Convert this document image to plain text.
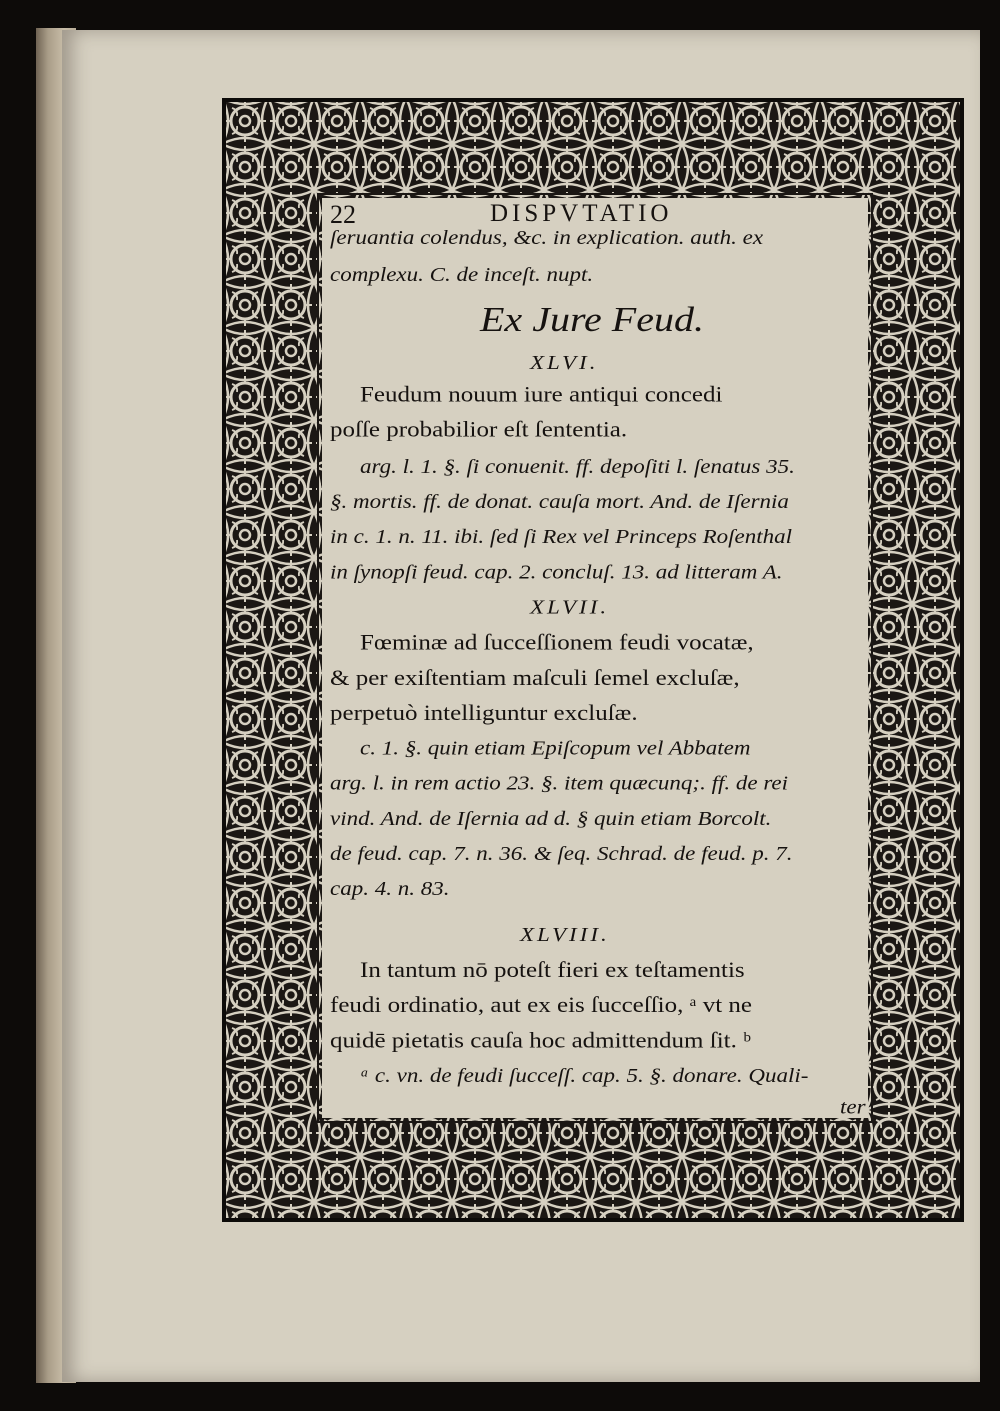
22	DISPVTATIO
ſeruantia colendus, &c. in explication. auth. ex
complexu. C. de inceſt. nupt.
Ex Jure Feud.
XLVI.
Feudum nouum iure antiqui concedi
poſſe probabilior eſt ſententia.
arg. l. 1. §. ſi conuenit. ff. depoſiti l. ſenatus 35.
§. mortis. ff. de donat. cauſa mort. And. de Iſernia
in c. 1. n. 11. ibi. ſed ſi Rex vel Princeps Roſenthal
in ſynopſi feud. cap. 2. concluſ. 13. ad litteram A.
XLVII.
Fœminæ ad ſucceſſionem feudi vocatæ,
& per exiſtentiam maſculi ſemel excluſæ,
perpetuò intelliguntur excluſæ.
c. 1. §. quin etiam Epiſcopum vel Abbatem
arg. l. in rem actio 23. §. item quæcunq;. ff. de rei
vind. And. de Iſernia ad d. § quin etiam Borcolt.
de feud. cap. 7. n. 36. & ſeq. Schrad. de feud. p. 7.
cap. 4. n. 83.
XLVIII.
In tantum nō poteſt fieri ex teſtamentis
feudi ordinatio, aut ex eis ſucceſſio, ᵃ vt ne
quidē pietatis cauſa hoc admittendum ſit. ᵇ
ᵃ c. vn. de feudi ſucceſſ. cap. 5. §. donare. Quali-
ter
